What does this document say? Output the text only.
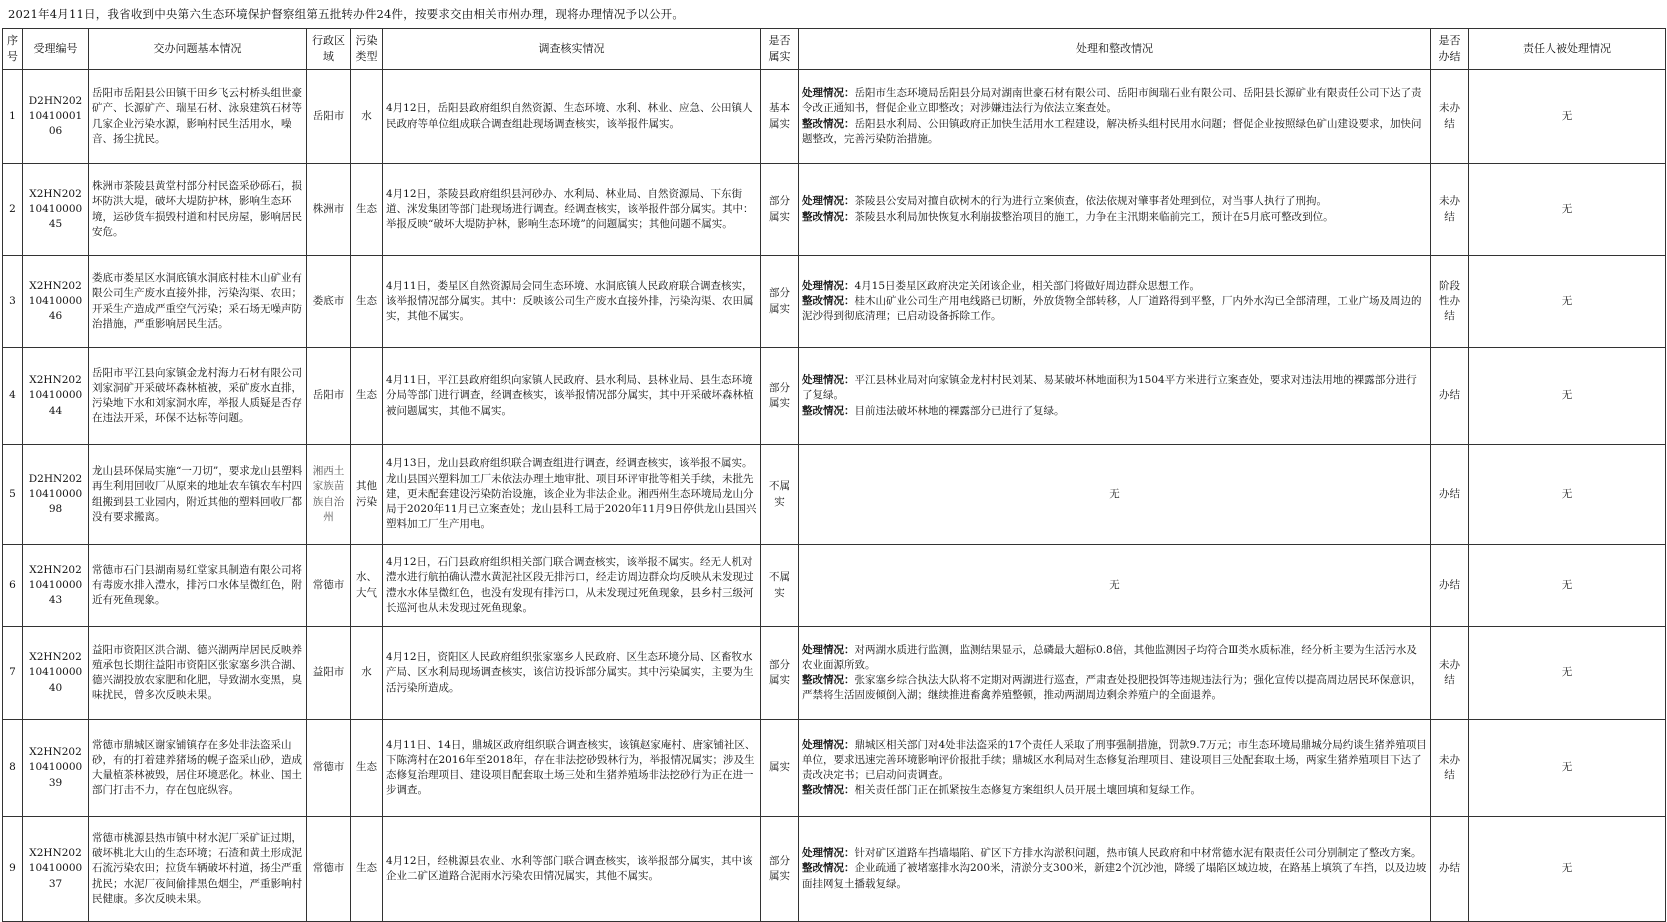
2021年4月11日，我省收到中央第六生态环境保护督察组第五批转办件24件，按要求交由相关市州办理，现将办理情况予以公开。
序号	受理编号	交办问题基本情况	行政区域	污染类型	调查核实情况	是否属实	处理和整改情况	是否办结	责任人被处理情况
1	D2HN2021041000106	岳阳市岳阳县公田镇干田乡飞云村桥头组世豪矿产、长源矿产、瑞星石材、泳泉建筑石材等几家企业污染水源，影响村民生活用水，噪音、扬尘扰民。	岳阳市	水	4月12日，岳阳县政府组织自然资源、生态环境、水利、林业、应急、公田镇人民政府等单位组成联合调查组赴现场调查核实，该举报件属实。	基本属实	处理情况：岳阳市生态环境局岳阳县分局对湖南世豪石材有限公司、岳阳市闽瑞石业有限公司、岳阳县长源矿业有限责任公司下达了责令改正通知书，督促企业立即整改；对涉嫌违法行为依法立案查处。
整改情况：岳阳县水利局、公田镇政府正加快生活用水工程建设，解决桥头组村民用水问题；督促企业按照绿色矿山建设要求，加快问题整改，完善污染防治措施。	未办结	无
2	X2HN2021041000045	株洲市茶陵县黄堂村部分村民盗采砂砾石，损坏防洪大堤，破坏大堤防护林，影响生态环境，运砂货车损毁村道和村民房屋，影响居民安危。	株洲市	生态	4月12日，茶陵县政府组织县河砂办、水利局、林业局、自然资源局、下东街道、洣发集团等部门赴现场进行调查。经调查核实，该举报件部分属实。其中：举报反映“破坏大堤防护林，影响生态环境”的问题属实；其他问题不属实。	部分属实	处理情况：茶陵县公安局对擅自砍树木的行为进行立案侦查，依法依规对肇事者处理到位，对当事人执行了刑拘。
整改情况：茶陵县水利局加快恢复水利崩拔整治项目的施工，力争在主汛期来临前完工，预计在5月底可整改到位。	未办结	无
3	X2HN2021041000046	娄底市娄星区水洞底镇水洞底村桂木山矿业有限公司生产废水直接外排，污染沟渠、农田；开采生产造成严重空气污染；采石场无噪声防治措施，严重影响居民生活。	娄底市	生态	4月11日，娄星区自然资源局会同生态环境、水洞底镇人民政府联合调查核实，该举报情况部分属实。其中：反映该公司生产废水直接外排，污染沟渠、农田属实，其他不属实。	部分属实	处理情况：4月15日娄星区政府决定关闭该企业，相关部门将做好周边群众思想工作。
整改情况：桂木山矿业公司生产用电线路已切断，外放货物全部转移，人厂道路得到平整，厂内外水沟已全部清理，工业广场及周边的泥沙得到彻底清理；已启动设备拆除工作。	阶段性办结	无
4	X2HN2021041000044	岳阳市平江县向家镇金龙村海力石材有限公司刘家洞矿开采破坏森林植被，采矿废水直排，污染地下水和刘家洞水库，举报人质疑是否存在违法开采，环保不达标等问题。	岳阳市	生态	4月11日，平江县政府组织向家镇人民政府、县水利局、县林业局、县生态环境分局等部门进行调查，经调查核实，该举报情况部分属实，其中开采破坏森林植被问题属实，其他不属实。	部分属实	处理情况：平江县林业局对向家镇金龙村村民刘某、易某破坏林地面积为1504平方米进行立案查处，要求对违法用地的裸露部分进行了复绿。
整改情况：目前违法破坏林地的裸露部分已进行了复绿。	办结	无
5	D2HN2021041000098	龙山县环保局实施“一刀切”，要求龙山县塑料再生利用回收厂从原来的地址农车镇农车村四组搬到县工业园内，附近其他的塑料回收厂都没有要求搬离。	湘西土家族苗族自治州	其他污染	4月13日，龙山县政府组织联合调查组进行调查，经调查核实，该举报不属实。龙山县国兴塑料加工厂未依法办理土地审批、项目环评审批等相关手续，未批先建，更未配套建设污染防治设施，该企业为非法企业。湘西州生态环境局龙山分局于2020年11月已立案查处；龙山县科工局于2020年11月9日停供龙山县国兴塑料加工厂生产用电。	不属实	无	办结	无
6	X2HN2021041000043	常德市石门县湖南易红堂家具制造有限公司将有毒废水排入澧水，排污口水体呈微红色，附近有死鱼现象。	常德市	水、大气	4月12日，石门县政府组织相关部门联合调查核实，该举报不属实。经无人机对澧水进行航拍确认澧水黄泥社区段无排污口，经走访周边群众均反映从未发现过澧水水体呈微红色，也没有发现有排污口，从未发现过死鱼现象，县乡村三级河长巡河也从未发现过死鱼现象。	不属实	无	办结	无
7	X2HN2021041000040	益阳市资阳区洪合湖、德兴湖两岸居民反映养殖承包长期往益阳市资阳区张家塞乡洪合湖、德兴湖投放农家肥和化肥，导致湖水变黑，臭味扰民，曾多次反映未果。	益阳市	水	4月12日，资阳区人民政府组织张家塞乡人民政府、区生态环境分局、区畜牧水产局、区水利局现场调查核实，该信访投诉部分属实。其中污染属实，主要为生活污染所造成。	部分属实	处理情况：对两湖水质进行监测，监测结果显示，总磷最大超标0.8倍，其他监测因子均符合Ⅲ类水质标准，经分析主要为生活污水及农业面源所致。
整改情况：张家塞乡综合执法大队将不定期对两湖进行巡查，严肃查处投肥投饵等违规违法行为；强化宣传以提高周边居民环保意识，严禁将生活固废倾倒入湖；继续推进畜禽养殖整顿，推动两湖周边剩余养殖户的全面退养。	未办结	无
8	X2HN2021041000039	常德市鼎城区谢家铺镇存在多处非法盗采山砂，有的打着建养猪场的幌子盗采山砂，造成大量植茶林被毁，居住环境恶化。林业、国土部门打击不力，存在包庇纵容。	常德市	生态	4月11日、14日，鼎城区政府组织联合调查核实，该镇赵家庵村、唐家铺社区、下陈湾村在2016年至2018年，存在非法挖砂毁林行为，举报情况属实；涉及生态修复治理项目、建设项目配套取土场三处和生猪养殖场非法挖砂行为正在进一步调查。	属实	处理情况：鼎城区相关部门对4处非法盗采的17个责任人采取了刑事强制措施，罚款9.7万元；市生态环境局鼎城分局约谈生猪养殖项目单位，要求迅速完善环境影响评价报批手续；鼎城区水利局对生态修复治理项目、建设项目三处配套取土场，两家生猪养殖项目下达了责改决定书；已启动问责调查。
整改情况：相关责任部门正在抓紧按生态修复方案组织人员开展土壤回填和复绿工作。	未办结	无
9	X2HN2021041000037	常德市桃源县热市镇中材水泥厂采矿证过期，破坏桃北大山的生态环境；石渣和黄土形成泥石流污染农田；拉货车辆破坏村道，扬尘严重扰民；水泥厂夜间偷排黑色烟尘，严重影响村民健康。多次反映未果。	常德市	生态	4月12日，经桃源县农业、水利等部门联合调查核实，该举报部分属实，其中该企业二矿区道路合泥雨水污染农田情况属实，其他不属实。	部分属实	处理情况：针对矿区道路车挡墙塌陷、矿区下方排水沟淤积问题，热市镇人民政府和中材常德水泥有限责任公司分别制定了整改方案。
整改情况：企业疏通了被堵塞排水沟200米，清淤分支300米，新建2个沉沙池，降缓了塌陷区域边坡，在路基上填筑了车挡，以及边坡面挂网复土播载复绿。	办结	无
